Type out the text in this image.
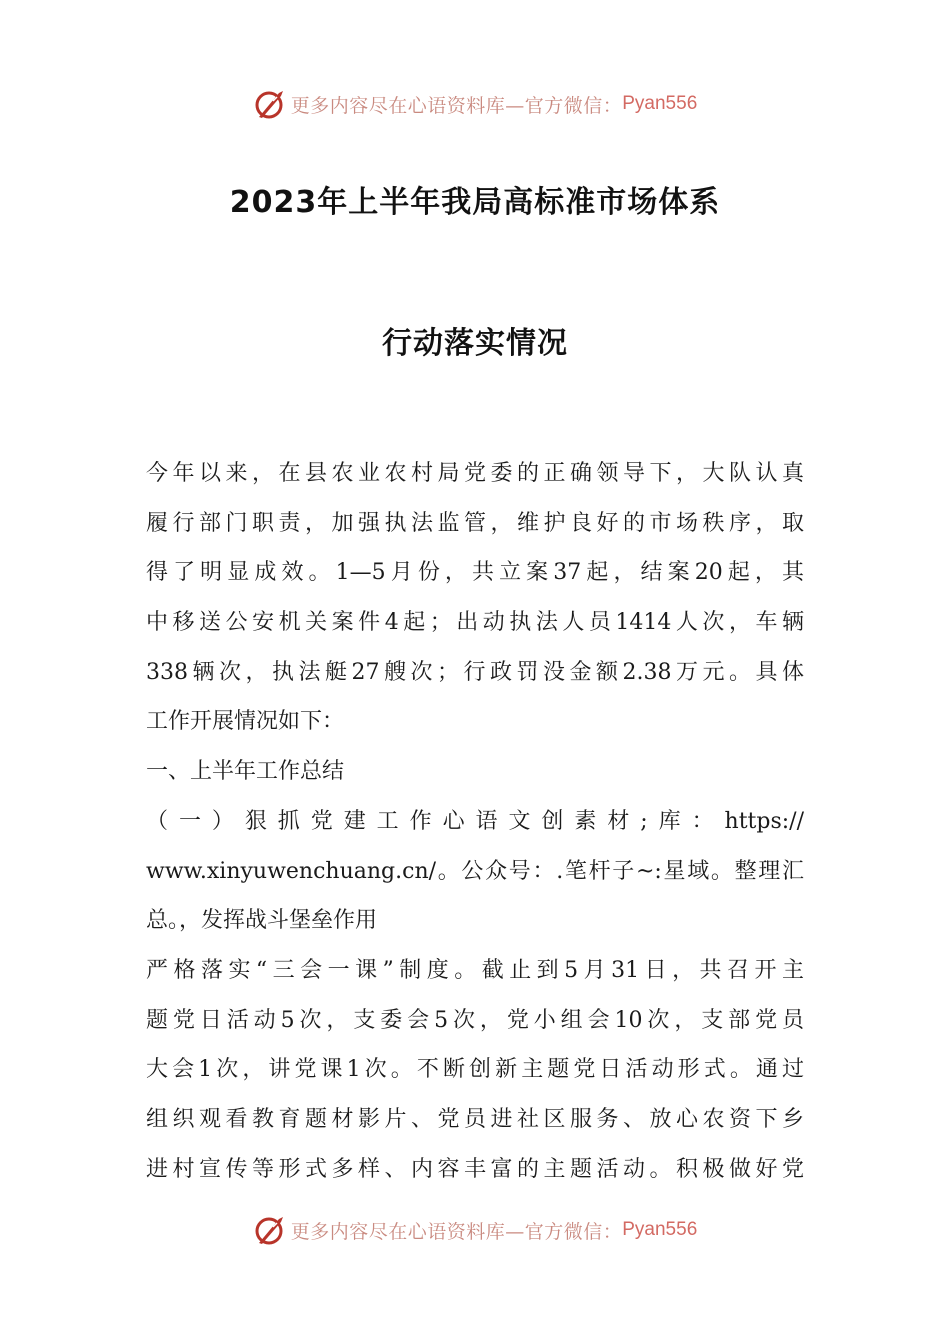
更多内容尽在心语资料库—官方微信： Pyan556
2023年上半年我局高标准市场体系
行动落实情况
今年以来，在县农业农村局党委的正确领导下，大队认真
履行部门职责，加强执法监管，维护良好的市场秩序，取
得了明显成效。1—5月份，共立案37起，结案20起，其
中移送公安机关案件4起；出动执法人员1414人次，车辆
338辆次，执法艇27艘次；行政罚没金额2.38万元。具体
工作开展情况如下：
一、上半年工作总结
（一）狠抓党建工作心语文创素材;库：https://
www.xinyuwenchuang.cn/。公众号：.笔杆子~:星域。整理汇
总。，发挥战斗堡垒作用
严格落实“三会一课”制度。截止到5月31日，共召开主
题党日活动5次，支委会5次，党小组会10次，支部党员
大会1次，讲党课1次。不断创新主题党日活动形式。通过
组织观看教育题材影片、党员进社区服务、放心农资下乡
进村宣传等形式多样、内容丰富的主题活动。积极做好党
更多内容尽在心语资料库—官方微信： Pyan556
